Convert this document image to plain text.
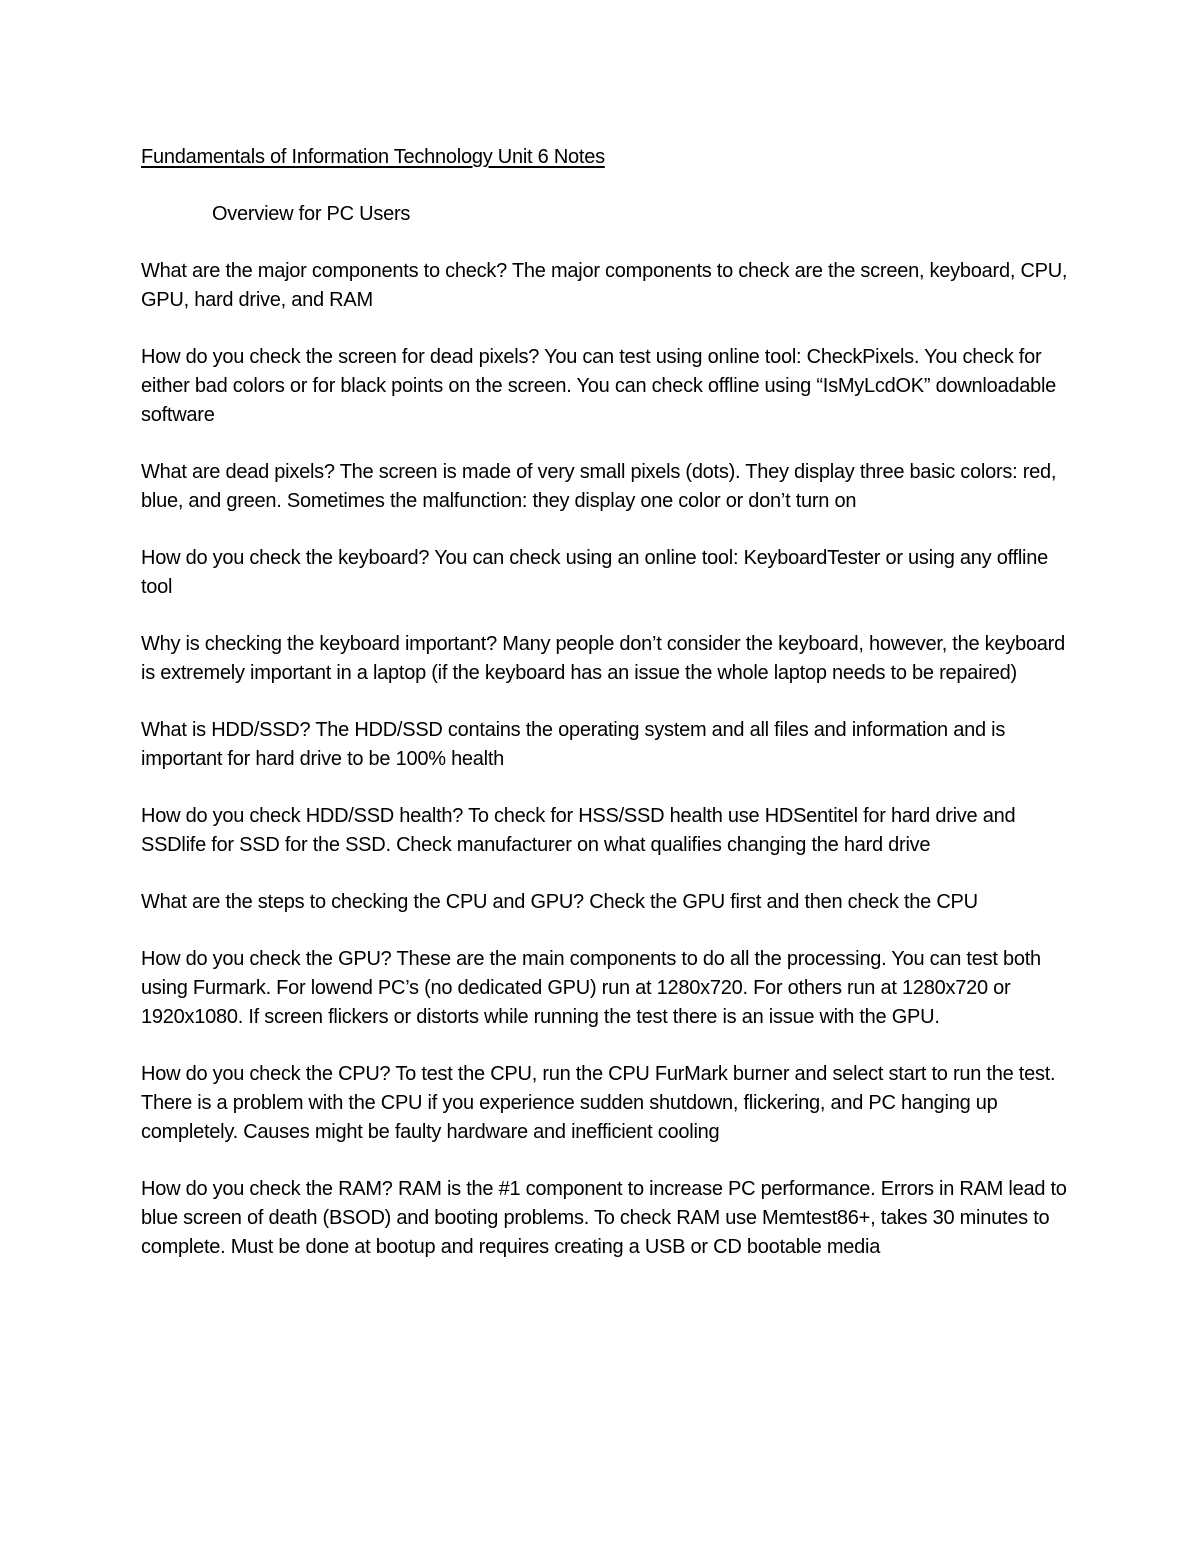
Fundamentals of Information Technology Unit 6 Notes
Overview for PC Users
What are the major components to check? The major components to check are the screen, keyboard, CPU, GPU, hard drive, and RAM
How do you check the screen for dead pixels? You can test using online tool: CheckPixels. You check for either bad colors or for black points on the screen. You can check offline using “IsMyLcdOK” downloadable software
What are dead pixels? The screen is made of very small pixels (dots). They display three basic colors: red, blue, and green. Sometimes the malfunction: they display one color or don’t turn on
How do you check the keyboard? You can check using an online tool: KeyboardTester or using any offline tool
Why is checking the keyboard important? Many people don’t consider the keyboard, however, the keyboard is extremely important in a laptop (if the keyboard has an issue the whole laptop needs to be repaired)
What is HDD/SSD? The HDD/SSD contains the operating system and all files and information and is important for hard drive to be 100% health
How do you check HDD/SSD health? To check for HSS/SSD health use HDSentitel for hard drive and SSDlife for SSD for the SSD. Check manufacturer on what qualifies changing the hard drive
What are the steps to checking the CPU and GPU? Check the GPU first and then check the CPU
How do you check the GPU? These are the main components to do all the processing. You can test both using Furmark. For lowend PC’s (no dedicated GPU) run at 1280x720. For others run at 1280x720 or 1920x1080. If screen flickers or distorts while running the test there is an issue with the GPU.
How do you check the CPU? To test the CPU, run the CPU FurMark burner and select start to run the test. There is a problem with the CPU if you experience sudden shutdown, flickering, and PC hanging up completely. Causes might be faulty hardware and inefficient cooling
How do you check the RAM? RAM is the #1 component to increase PC performance. Errors in RAM lead to blue screen of death (BSOD) and booting problems. To check RAM use Memtest86+, takes 30 minutes to complete. Must be done at bootup and requires creating a USB or CD bootable media
